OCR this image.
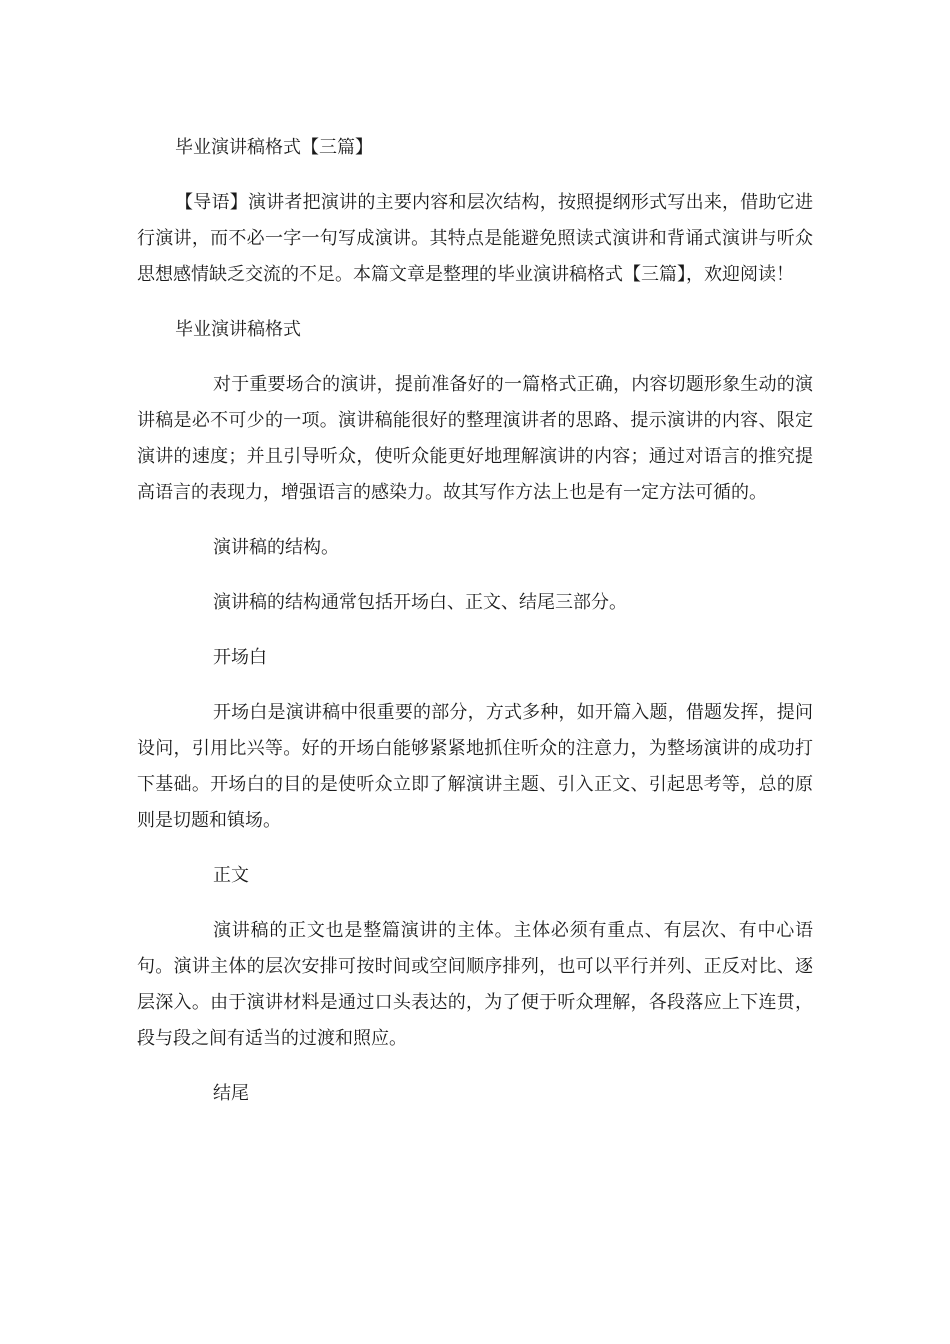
毕业演讲稿格式【三篇】

【导语】演讲者把演讲的主要内容和层次结构，按照提纲形式写出来，借助它进行演讲，而不必一字一句写成演讲。其特点是能避免照读式演讲和背诵式演讲与听众思想感情缺乏交流的不足。本篇文章是整理的毕业演讲稿格式【三篇】，欢迎阅读！

毕业演讲稿格式

对于重要场合的演讲，提前准备好的一篇格式正确，内容切题形象生动的演讲稿是必不可少的一项。演讲稿能很好的整理演讲者的思路、提示演讲的内容、限定演讲的速度；并且引导听众，使听众能更好地理解演讲的内容；通过对语言的推究提高语言的表现力，增强语言的感染力。故其写作方法上也是有一定方法可循的。

演讲稿的结构。

演讲稿的结构通常包括开场白、正文、结尾三部分。

开场白

开场白是演讲稿中很重要的部分，方式多种，如开篇入题，借题发挥，提问设问，引用比兴等。好的开场白能够紧紧地抓住听众的注意力，为整场演讲的成功打下基础。开场白的目的是使听众立即了解演讲主题、引入正文、引起思考等，总的原则是切题和镇场。

正文

演讲稿的正文也是整篇演讲的主体。主体必须有重点、有层次、有中心语句。演讲主体的层次安排可按时间或空间顺序排列，也可以平行并列、正反对比、逐层深入。由于演讲材料是通过口头表达的，为了便于听众理解，各段落应上下连贯，段与段之间有适当的过渡和照应。

结尾
